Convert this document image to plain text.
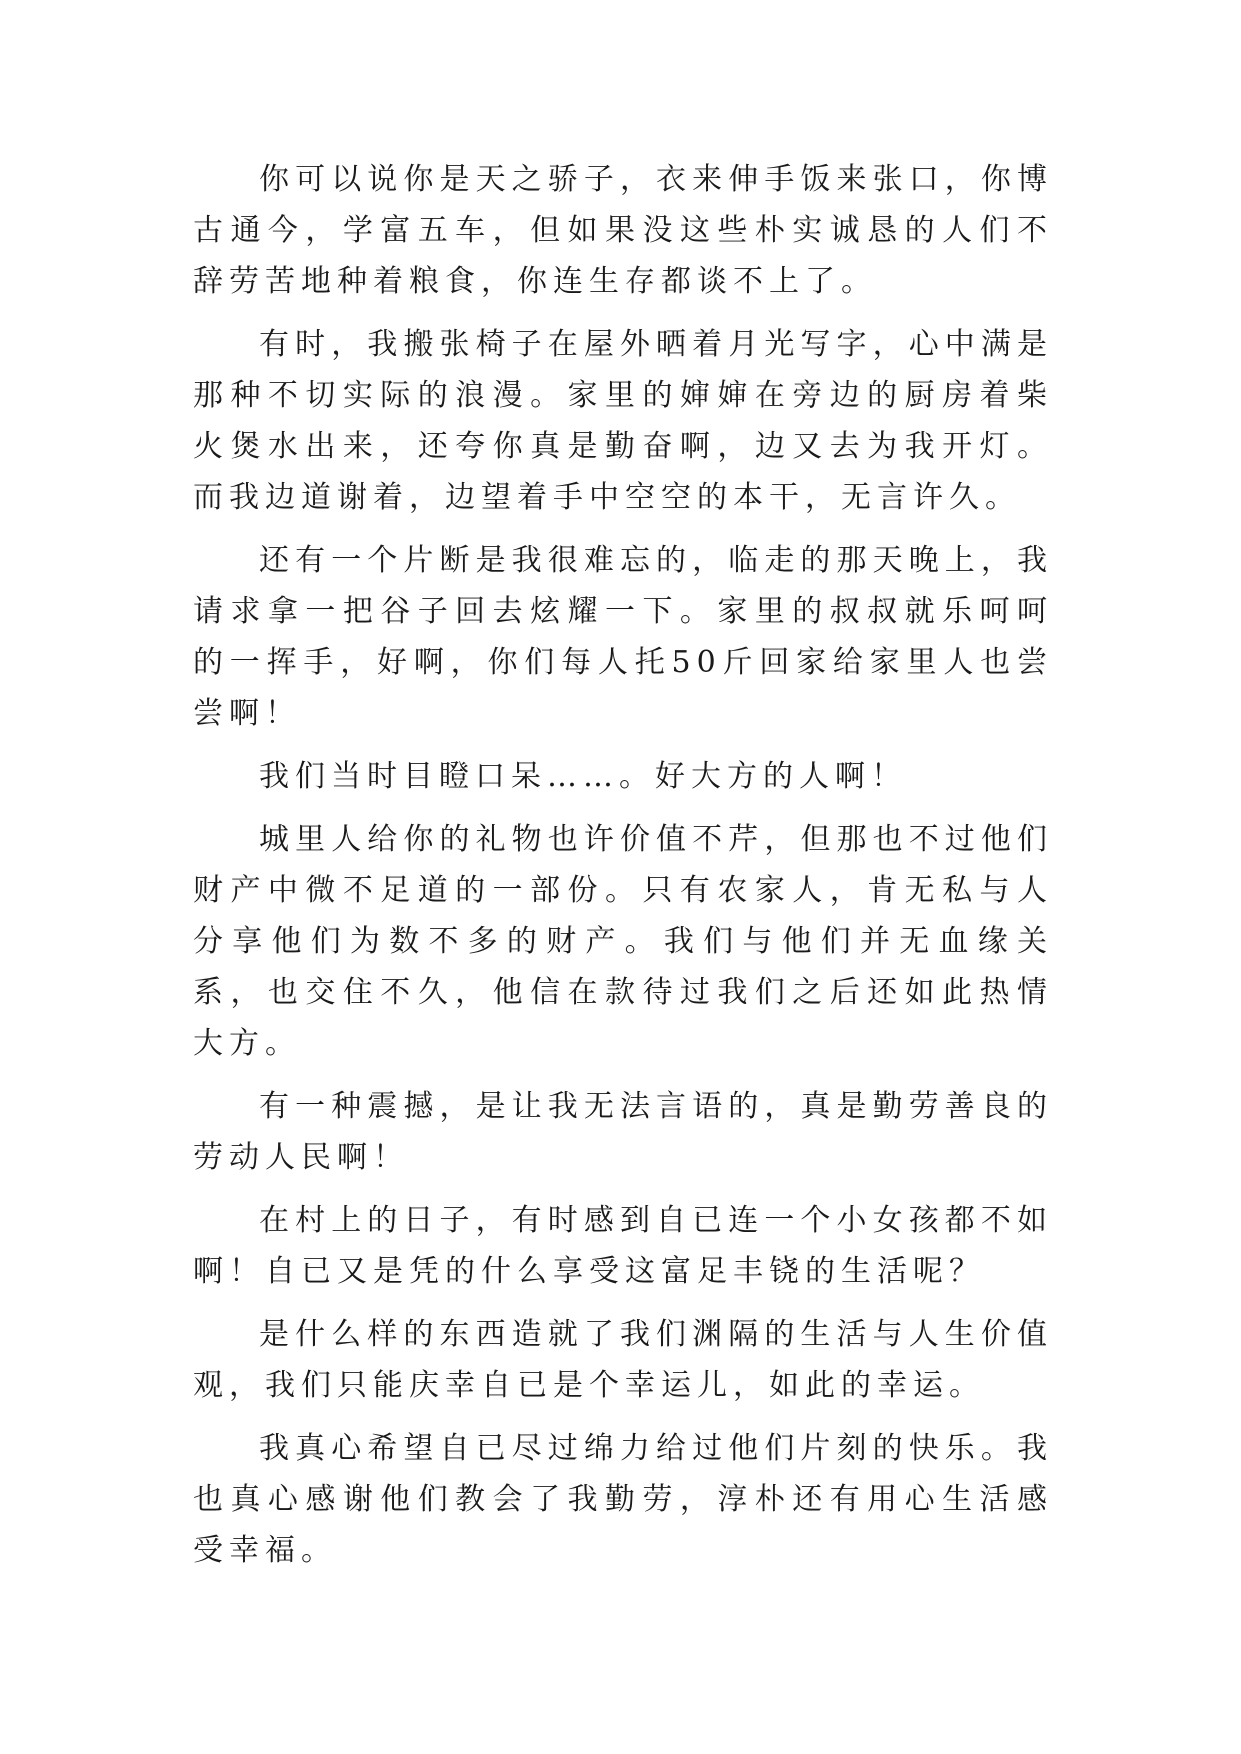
你可以说你是天之骄子，衣来伸手饭来张口，你博古通今，学富五车，但如果没这些朴实诚恳的人们不辞劳苦地种着粮食，你连生存都谈不上了。

有时，我搬张椅子在屋外晒着月光写字，心中满是那种不切实际的浪漫。家里的婶婶在旁边的厨房着柴火煲水出来，还夸你真是勤奋啊，边又去为我开灯。而我边道谢着，边望着手中空空的本干，无言许久。

还有一个片断是我很难忘的，临走的那天晚上，我请求拿一把谷子回去炫耀一下。家里的叔叔就乐呵呵的一挥手，好啊，你们每人托50斤回家给家里人也尝尝啊！

我们当时目瞪口呆……。好大方的人啊！

城里人给你的礼物也许价值不芹，但那也不过他们财产中微不足道的一部份。只有农家人，肯无私与人分享他们为数不多的财产。我们与他们并无血缘关系，也交住不久，他信在款待过我们之后还如此热情大方。

有一种震撼，是让我无法言语的，真是勤劳善良的劳动人民啊！

在村上的日子，有时感到自已连一个小女孩都不如啊！自已又是凭的什么享受这富足丰铙的生活呢？

是什么样的东西造就了我们渊隔的生活与人生价值观，我们只能庆幸自已是个幸运儿，如此的幸运。

我真心希望自已尽过绵力给过他们片刻的快乐。我也真心感谢他们教会了我勤劳，淳朴还有用心生活感受幸福。
